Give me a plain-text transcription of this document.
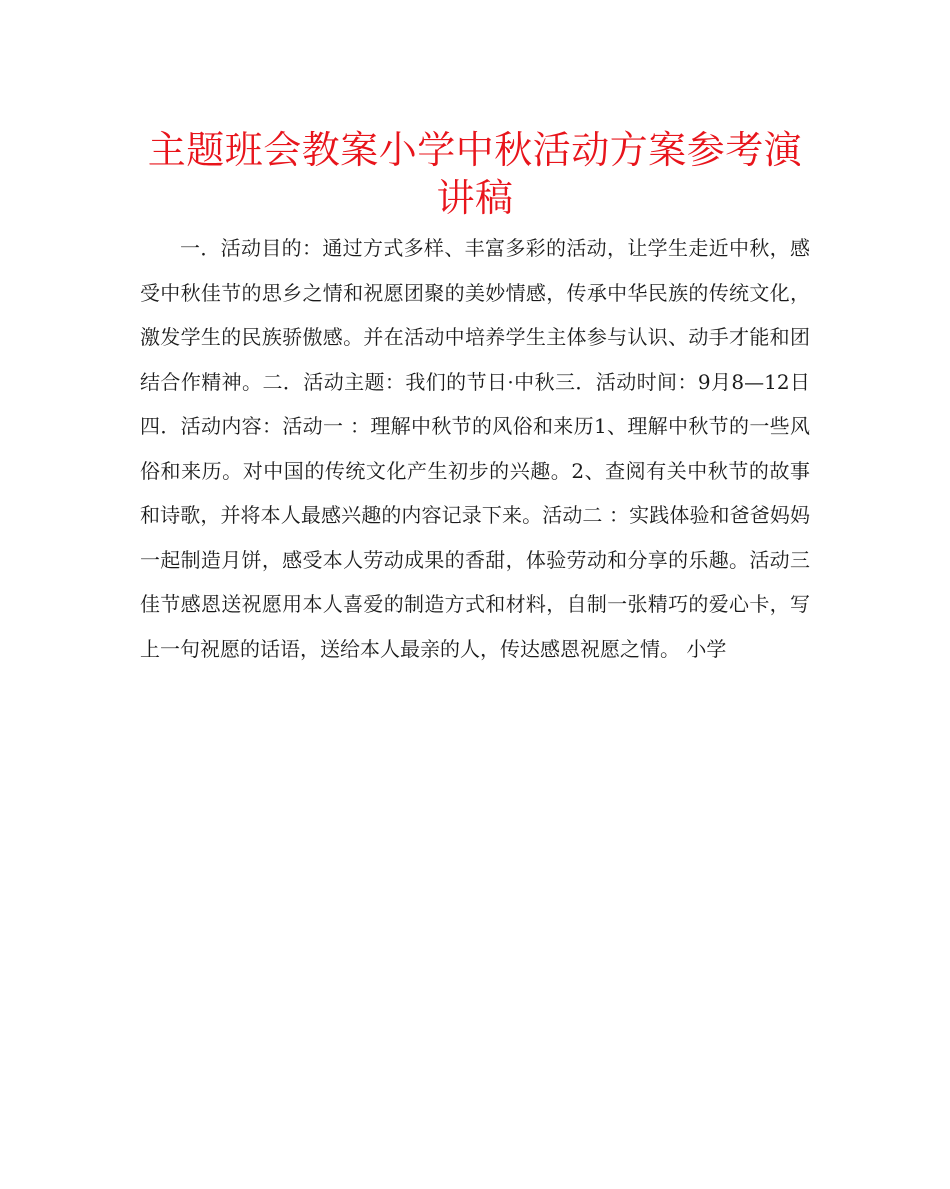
主题班会教案小学中秋活动方案参考演讲稿

一．活动目的：通过方式多样、丰富多彩的活动，让学生走近中秋，感受中秋佳节的思乡之情和祝愿团聚的美妙情感，传承中华民族的传统文化，激发学生的民族骄傲感。并在活动中培养学生主体参与认识、动手才能和团结合作精神。二．活动主题：我们的节日·中秋三．活动时间：9月8—12日四．活动内容：活动一 ：理解中秋节的风俗和来历1、理解中秋节的一些风俗和来历。对中国的传统文化产生初步的兴趣。2、查阅有关中秋节的故事和诗歌，并将本人最感兴趣的内容记录下来。活动二 ：实践体验和爸爸妈妈一起制造月饼，感受本人劳动成果的香甜，体验劳动和分享的乐趣。活动三 佳节感恩送祝愿用本人喜爱的制造方式和材料，自制一张精巧的爱心卡，写上一句祝愿的话语，送给本人最亲的人，传达感恩祝愿之情。 小学
